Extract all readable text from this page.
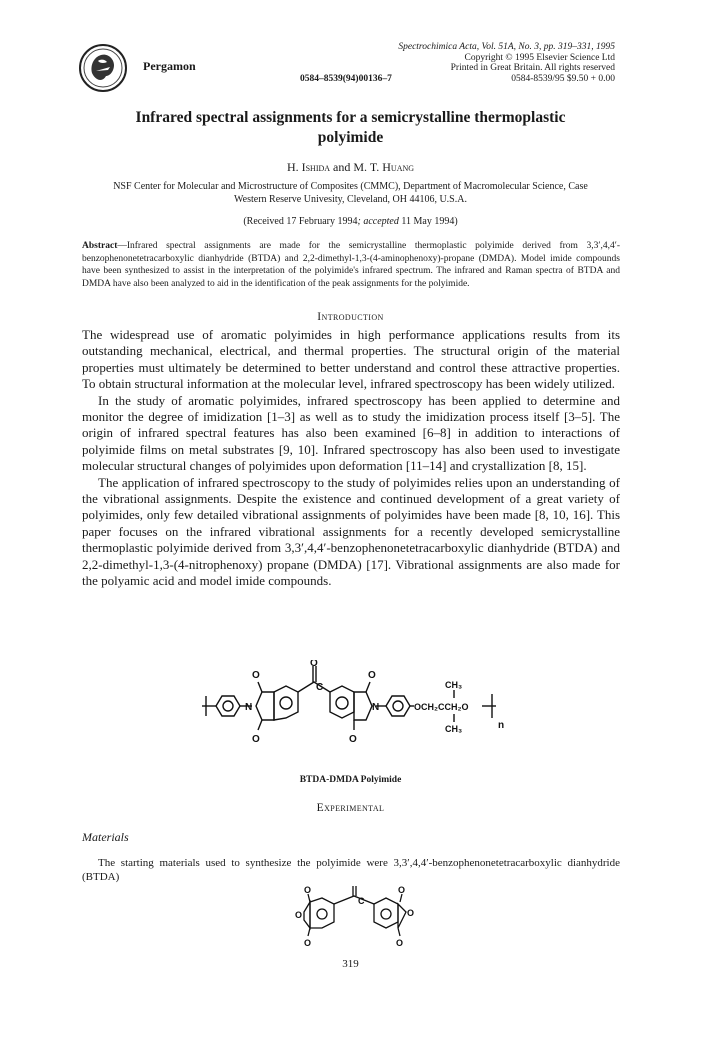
Pergamon
Spectrochimica Acta, Vol. 51A, No. 3, pp. 319–331, 1995
Copyright © 1995 Elsevier Science Ltd
Printed in Great Britain. All rights reserved
0584-8539/95 $9.50 + 0.00
0584–8539(94)00136–7
Infrared spectral assignments for a semicrystalline thermoplastic polyimide
H. Ishida and M. T. Huang
NSF Center for Molecular and Microstructure of Composites (CMMC), Department of Macromolecular Science, Case Western Reserve Univesity, Cleveland, OH 44106, U.S.A.
(Received 17 February 1994; accepted 11 May 1994)
Abstract—Infrared spectral assignments are made for the semicrystalline thermoplastic polyimide derived from 3,3′,4,4′-benzophenonetetracarboxylic dianhydride (BTDA) and 2,2-dimethyl-1,3-(4-aminophenoxy)-propane (DMDA). Model imide compounds have been synthesized to assist in the interpretation of the polyimide's infrared spectrum. The infrared and Raman spectra of BTDA and DMDA have also been analyzed to aid in the identification of the peak assignments for the polyimide.
Introduction

The widespread use of aromatic polyimides in high performance applications results from its outstanding mechanical, electrical, and thermal properties. The structural origin of the material properties must ultimately be determined to better understand and control these attractive properties. To obtain structural information at the molecular level, infrared spectroscopy has been widely utilized.

In the study of aromatic polyimides, infrared spectroscopy has been applied to determine and monitor the degree of imidization [1–3] as well as to study the imidization process itself [3–5]. The origin of infrared spectral features has also been examined [6–8] in addition to interactions of polyimide films on metal substrates [9, 10]. Infrared spectroscopy has also been used to investigate molecular structural changes of polyimides upon deformation [11–14] and crystallization [8, 15].

The application of infrared spectroscopy to the study of polyimides relies upon an understanding of the vibrational assignments. Despite the existence and continued development of a great variety of polyimides, only few detailed vibrational assignments of polyimides have been made [8, 10, 16]. This paper focuses on the infrared vibrational assignments for a recently developed semicrystalline thermoplastic polyimide derived from 3,3′,4,4′-benzophenonetetracarboxylic dianhydride (BTDA) and 2,2-dimethyl-1,3-(4-nitrophenoxy) propane (DMDA) [17]. Vibrational assignments are also made for the polyamic acid and model imide compounds.

O
O
N
O
C
O
O
N	OCH₂CCH₂O
CH₃
CH₃	n
BTDA-DMDA Polyimide
Experimental
Materials

The starting materials used to synthesize the polyimide were 3,3′,4,4′-benzophenonetetracarboxylic dianhydride (BTDA)

O
O
O
C
O
O
O
319
